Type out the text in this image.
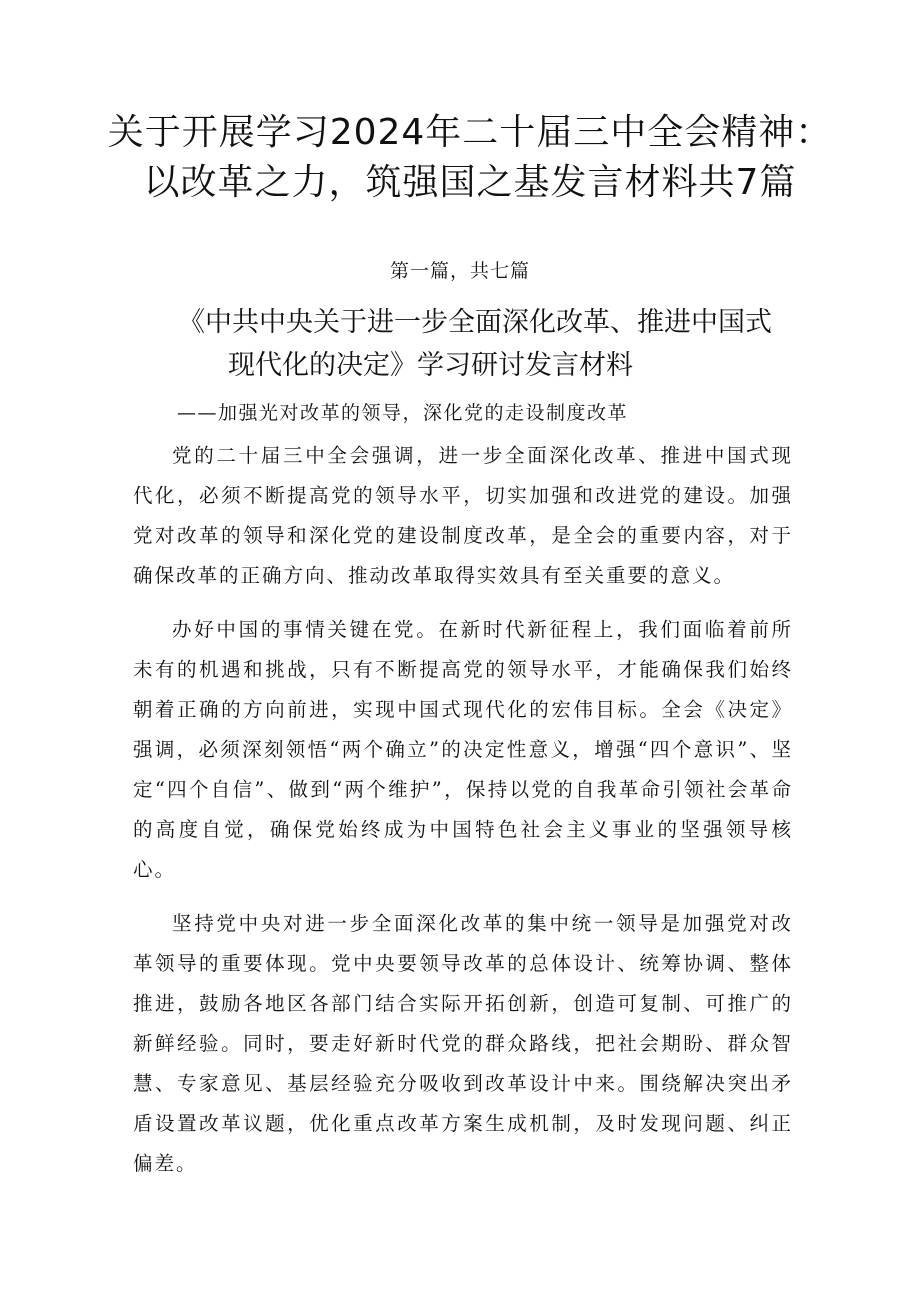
关于开展学习2024年二十届三中全会精神：
以改革之力，筑强国之基发言材料共7篇
第一篇，共七篇
《中共中央关于进一步全面深化改革、推进中国式
现代化的决定》学习研讨发言材料
——加强光对改革的领导，深化党的走设制度改革

党的二十届三中全会强调，进一步全面深化改革、推进中国式现代化，必须不断提高党的领导水平，切实加强和改进党的建设。加强党对改革的领导和深化党的建设制度改革，是全会的重要内容，对于确保改革的正确方向、推动改革取得实效具有至关重要的意义。

办好中国的事情关键在党。在新时代新征程上，我们面临着前所未有的机遇和挑战，只有不断提高党的领导水平，才能确保我们始终朝着正确的方向前进，实现中国式现代化的宏伟目标。全会《决定》强调，必须深刻领悟“两个确立”的决定性意义，增强“四个意识”、坚定“四个自信”、做到“两个维护”，保持以党的自我革命引领社会革命的高度自觉，确保党始终成为中国特色社会主义事业的坚强领导核心。

坚持党中央对进一步全面深化改革的集中统一领导是加强党对改革领导的重要体现。党中央要领导改革的总体设计、统筹协调、整体推进，鼓励各地区各部门结合实际开拓创新，创造可复制、可推广的新鲜经验。同时，要走好新时代党的群众路线，把社会期盼、群众智慧、专家意见、基层经验充分吸收到改革设计中来。围绕解决突出矛盾设置改革议题，优化重点改革方案生成机制，及时发现问题、纠正偏差。
